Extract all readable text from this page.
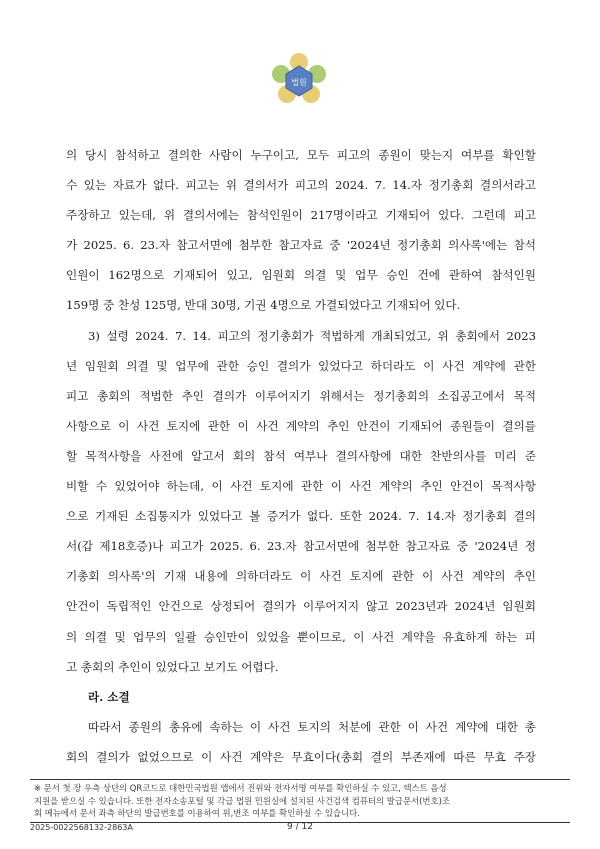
법원

의 당시 참석하고 결의한 사람이 누구이고, 모두 피고의 종원이 맞는지 여부를 확인할
수 있는 자료가 없다. 피고는 위 결의서가 피고의 2024. 7. 14.자 정기총회 결의서라고
주장하고 있는데, 위 결의서에는 참석인원이 217명이라고 기재되어 있다. 그런데 피고
가 2025. 6. 23.자 참고서면에 첨부한 참고자료 중 '2024년 정기총회 의사록'에는 참석
인원이 162명으로 기재되어 있고, 임원회 의결 및 업무 승인 건에 관하여 참석인원
159명 중 찬성 125명, 반대 30명, 기권 4명으로 가결되었다고 기재되어 있다.

3) 설령 2024. 7. 14. 피고의 정기총회가 적법하게 개최되었고, 위 총회에서 2023
년 임원회 의결 및 업무에 관한 승인 결의가 있었다고 하더라도 이 사건 계약에 관한
피고 총회의 적법한 추인 결의가 이루어지기 위해서는 정기총회의 소집공고에서 목적
사항으로 이 사건 토지에 관한 이 사건 계약의 추인 안건이 기재되어 종원들이 결의를
할 목적사항을 사전에 알고서 회의 참석 여부나 결의사항에 대한 찬반의사를 미리 준
비할 수 있었어야 하는데, 이 사건 토지에 관한 이 사건 계약의 추인 안건이 목적사항
으로 기재된 소집통지가 있었다고 볼 증거가 없다. 또한 2024. 7. 14.자 정기총회 결의
서(갑 제18호증)나 피고가 2025. 6. 23.자 참고서면에 첨부한 참고자료 중 '2024년 정
기총회 의사록'의 기재 내용에 의하더라도 이 사건 토지에 관한 이 사건 계약의 추인
안건이 독립적인 안건으로 상정되어 결의가 이루어지지 않고 2023년과 2024년 임원회
의 의결 및 업무의 일괄 승인만이 있었을 뿐이므로, 이 사건 계약을 유효하게 하는 피
고 총회의 추인이 있었다고 보기도 어렵다.

라. 소결

따라서 종원의 총유에 속하는 이 사건 토지의 처분에 관한 이 사건 계약에 대한 총
회의 결의가 없었으므로 이 사건 계약은 무효이다(총회 결의 부존재에 따른 무효 주장

※ 문서 첫 장 우측 상단의 QR코드로 대한민국법원 앱에서 진위와 전자서명 여부를 확인하실 수 있고, 텍스트 음성
지원을 받으실 수 있습니다. 또한 전자소송포털 및 각급 법원 민원실에 설치된 사건검색 컴퓨터의 발급문서(번호)조
회 메뉴에서 문서 좌측 하단의 발급번호를 이용하여 위,변조 여부를 확인하실 수 있습니다.
2025-0022568132-2863A	9 / 12
